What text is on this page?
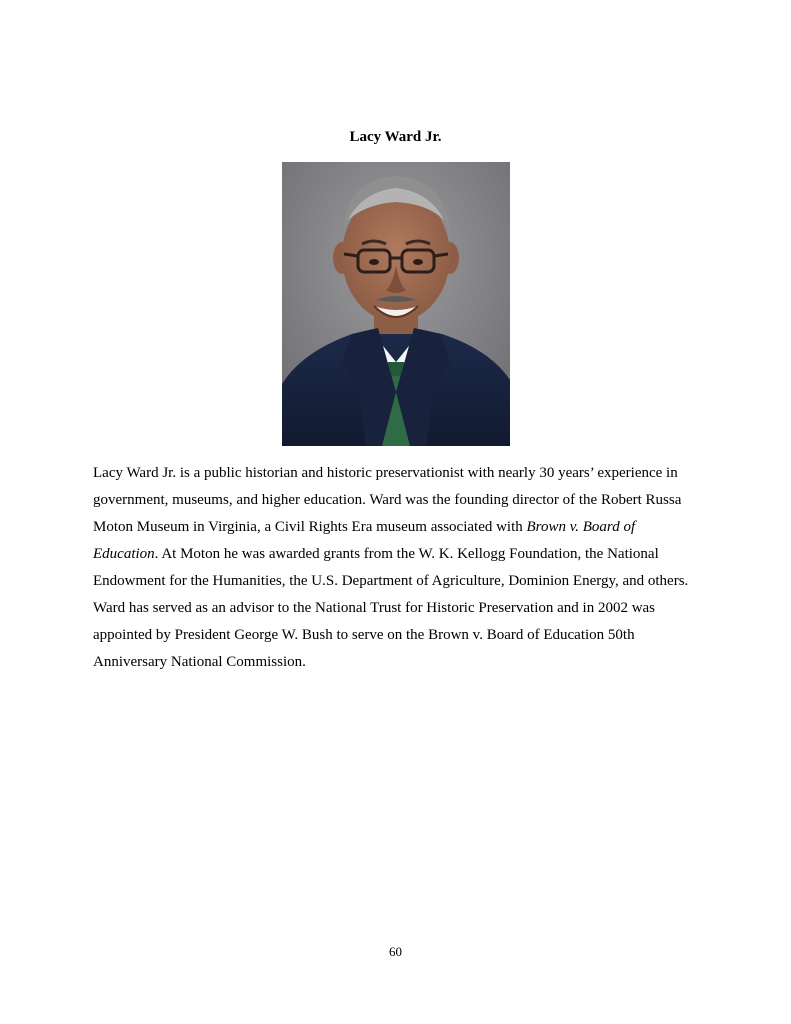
Lacy Ward Jr.

Lacy Ward Jr. is a public historian and historic preservationist with nearly 30 years’ experience in government, museums, and higher education. Ward was the founding director of the Robert Russa Moton Museum in Virginia, a Civil Rights Era museum associated with Brown v. Board of Education. At Moton he was awarded grants from the W. K. Kellogg Foundation, the National Endowment for the Humanities, the U.S. Department of Agriculture, Dominion Energy, and others. Ward has served as an advisor to the National Trust for Historic Preservation and in 2002 was appointed by President George W. Bush to serve on the Brown v. Board of Education 50th Anniversary National Commission.

60
